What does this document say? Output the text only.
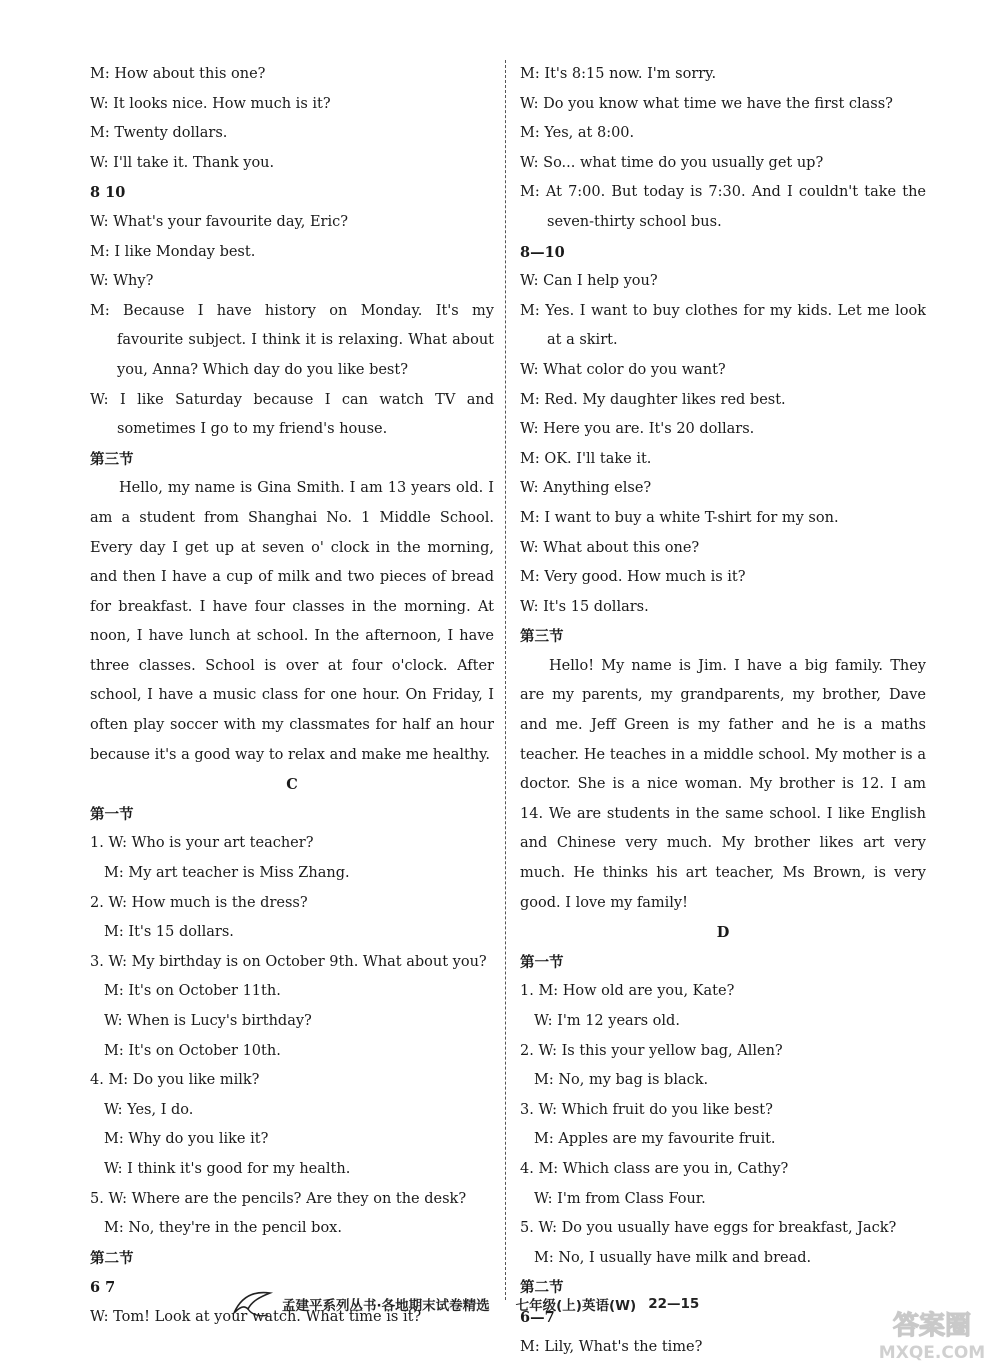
M: How about this one?
W: It looks nice. How much is it?
M: Twenty dollars.
W: I'll take it. Thank you.
8 10
W: What's your favourite day, Eric?
M: I like Monday best.
W: Why?
M: Because I have history on Monday. It's my favourite subject. I think it is relaxing. What about you, Anna? Which day do you like best?
W: I like Saturday because I can watch TV and sometimes I go to my friend's house.
第三节
Hello, my name is Gina Smith. I am 13 years old. I am a student from Shanghai No. 1 Middle School. Every day I get up at seven o' clock in the morning, and then I have a cup of milk and two pieces of bread for breakfast. I have four classes in the morning. At noon, I have lunch at school. In the afternoon, I have three classes. School is over at four o'clock. After school, I have a music class for one hour. On Friday, I often play soccer with my classmates for half an hour because it's a good way to relax and make me healthy.
C
第一节
1. W: Who is your art teacher?
M: My art teacher is Miss Zhang.
2. W: How much is the dress?
M: It's 15 dollars.
3. W: My birthday is on October 9th. What about you?
M: It's on October 11th.
W: When is Lucy's birthday?
M: It's on October 10th.
4. M: Do you like milk?
W: Yes, I do.
M: Why do you like it?
W: I think it's good for my health.
5. W: Where are the pencils? Are they on the desk?
M: No, they're in the pencil box.
第二节
6 7
W: Tom! Look at your watch. What time is it?
M: It's 8:15 now. I'm sorry.
W: Do you know what time we have the first class?
M: Yes, at 8:00.
W: So... what time do you usually get up?
M: At 7:00. But today is 7:30. And I couldn't take the seven-thirty school bus.
8—10
W: Can I help you?
M: Yes. I want to buy clothes for my kids. Let me look at a skirt.
W: What color do you want?
M: Red. My daughter likes red best.
W: Here you are. It's 20 dollars.
M: OK. I'll take it.
W: Anything else?
M: I want to buy a white T-shirt for my son.
W: What about this one?
M: Very good. How much is it?
W: It's 15 dollars.
第三节
Hello! My name is Jim. I have a big family. They are my parents, my grandparents, my brother, Dave and me. Jeff Green is my father and he is a maths teacher. He teaches in a middle school. My mother is a doctor. She is a nice woman. My brother is 12. I am 14. We are students in the same school. I like English and Chinese very much. My brother likes art very much. He thinks his art teacher, Ms Brown, is very good. I love my family!
D
第一节
1. M: How old are you, Kate?
W: I'm 12 years old.
2. W: Is this your yellow bag, Allen?
M: No, my bag is black.
3. W: Which fruit do you like best?
M: Apples are my favourite fruit.
4. M: Which class are you in, Cathy?
W: I'm from Class Four.
5. W: Do you usually have eggs for breakfast, Jack?
M: No, I usually have milk and bread.
第二节
6—7
M: Lily, What's the time?
孟建平系列丛书·各地期末试卷精选 七年级(上)英语(W) 22—15
答案圈
MXQE.COM
